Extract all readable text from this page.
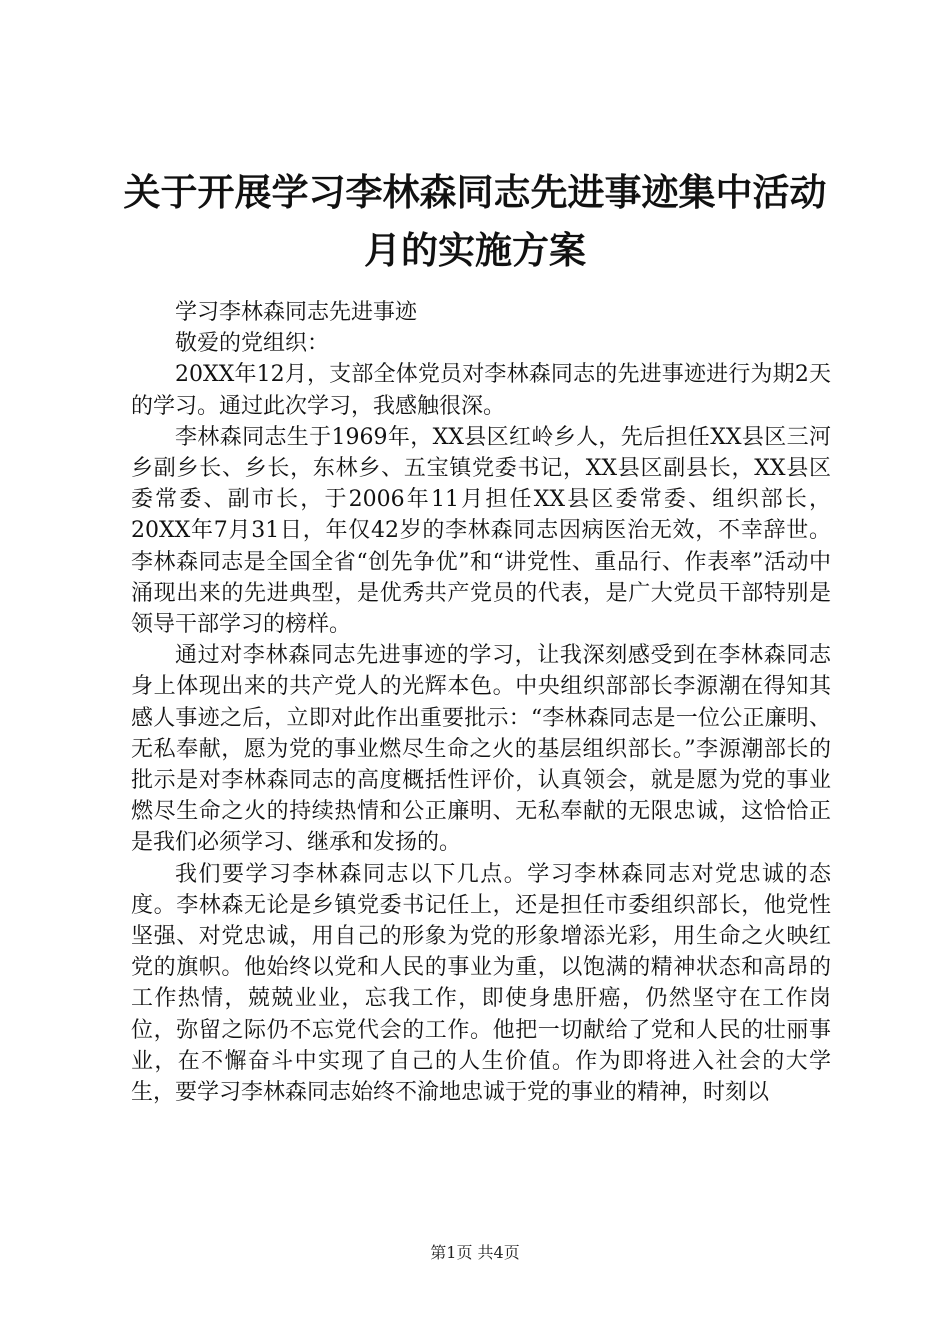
关于开展学习李林森同志先进事迹集中活动月的实施方案

学习李林森同志先进事迹

敬爱的党组织：

20XX年12月，支部全体党员对李林森同志的先进事迹进行为期2天的学习。通过此次学习，我感触很深。

李林森同志生于1969年，XX县区红岭乡人，先后担任XX县区三河乡副乡长、乡长，东林乡、五宝镇党委书记，XX县区副县长，XX县区委常委、副市长，于2006年11月担任XX县区委常委、组织部长，20XX年7月31日，年仅42岁的李林森同志因病医治无效，不幸辞世。李林森同志是全国全省“创先争优”和“讲党性、重品行、作表率”活动中涌现出来的先进典型，是优秀共产党员的代表，是广大党员干部特别是领导干部学习的榜样。

通过对李林森同志先进事迹的学习，让我深刻感受到在李林森同志身上体现出来的共产党人的光辉本色。中央组织部部长李源潮在得知其感人事迹之后，立即对此作出重要批示：“李林森同志是一位公正廉明、无私奉献，愿为党的事业燃尽生命之火的基层组织部长。”李源潮部长的批示是对李林森同志的高度概括性评价，认真领会，就是愿为党的事业燃尽生命之火的持续热情和公正廉明、无私奉献的无限忠诚，这恰恰正是我们必须学习、继承和发扬的。

我们要学习李林森同志以下几点。学习李林森同志对党忠诚的态度。李林森无论是乡镇党委书记任上，还是担任市委组织部长，他党性坚强、对党忠诚，用自己的形象为党的形象增添光彩，用生命之火映红党的旗帜。他始终以党和人民的事业为重，以饱满的精神状态和高昂的工作热情，兢兢业业，忘我工作，即使身患肝癌，仍然坚守在工作岗位，弥留之际仍不忘党代会的工作。他把一切献给了党和人民的壮丽事业，在不懈奋斗中实现了自己的人生价值。作为即将进入社会的大学生，要学习李林森同志始终不渝地忠诚于党的事业的精神，时刻以

第1页 共4页
